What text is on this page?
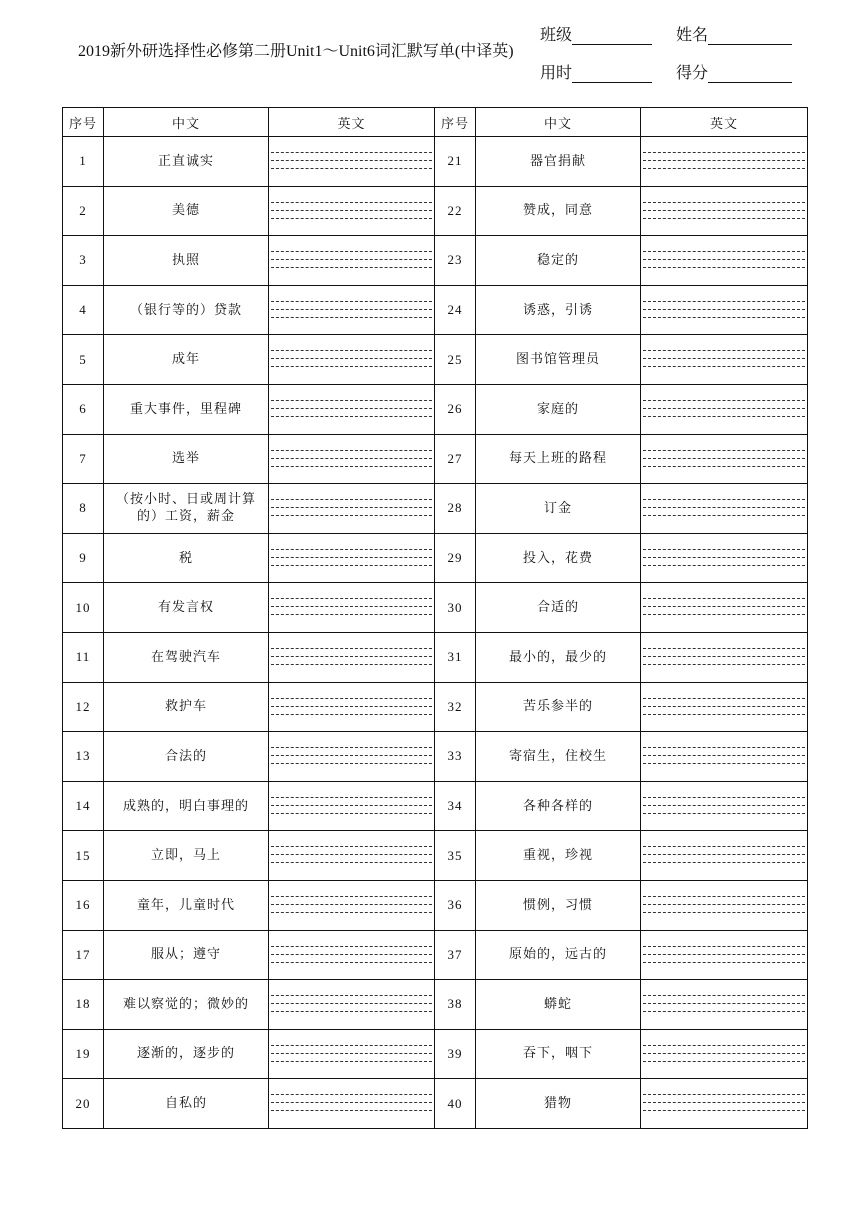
2019新外研选择性必修第二册Unit1～Unit6词汇默写单(中译英)
班级	姓名
用时	得分
序号	中文	英文	序号	中文	英文
1	正直诚实		21	器官捐献	

2	美德		22	赞成，同意	

3	执照		23	稳定的	

4	（银行等的）贷款		24	诱惑，引诱	

5	成年		25	图书馆管理员	

6	重大事件，里程碑		26	家庭的	

7	选举		27	每天上班的路程	

8	（按小时、日或周计算的）工资，薪金		28	订金	

9	税		29	投入，花费	

10	有发言权		30	合适的	

11	在驾驶汽车		31	最小的，最少的	

12	救护车		32	苦乐参半的	

13	合法的		33	寄宿生，住校生	

14	成熟的，明白事理的		34	各种各样的	

15	立即，马上		35	重视，珍视	

16	童年，儿童时代		36	惯例，习惯	

17	服从；遵守		37	原始的，远古的	

18	难以察觉的；微妙的		38	蟒蛇	

19	逐渐的，逐步的		39	吞下，咽下	

20	自私的		40	猎物	
